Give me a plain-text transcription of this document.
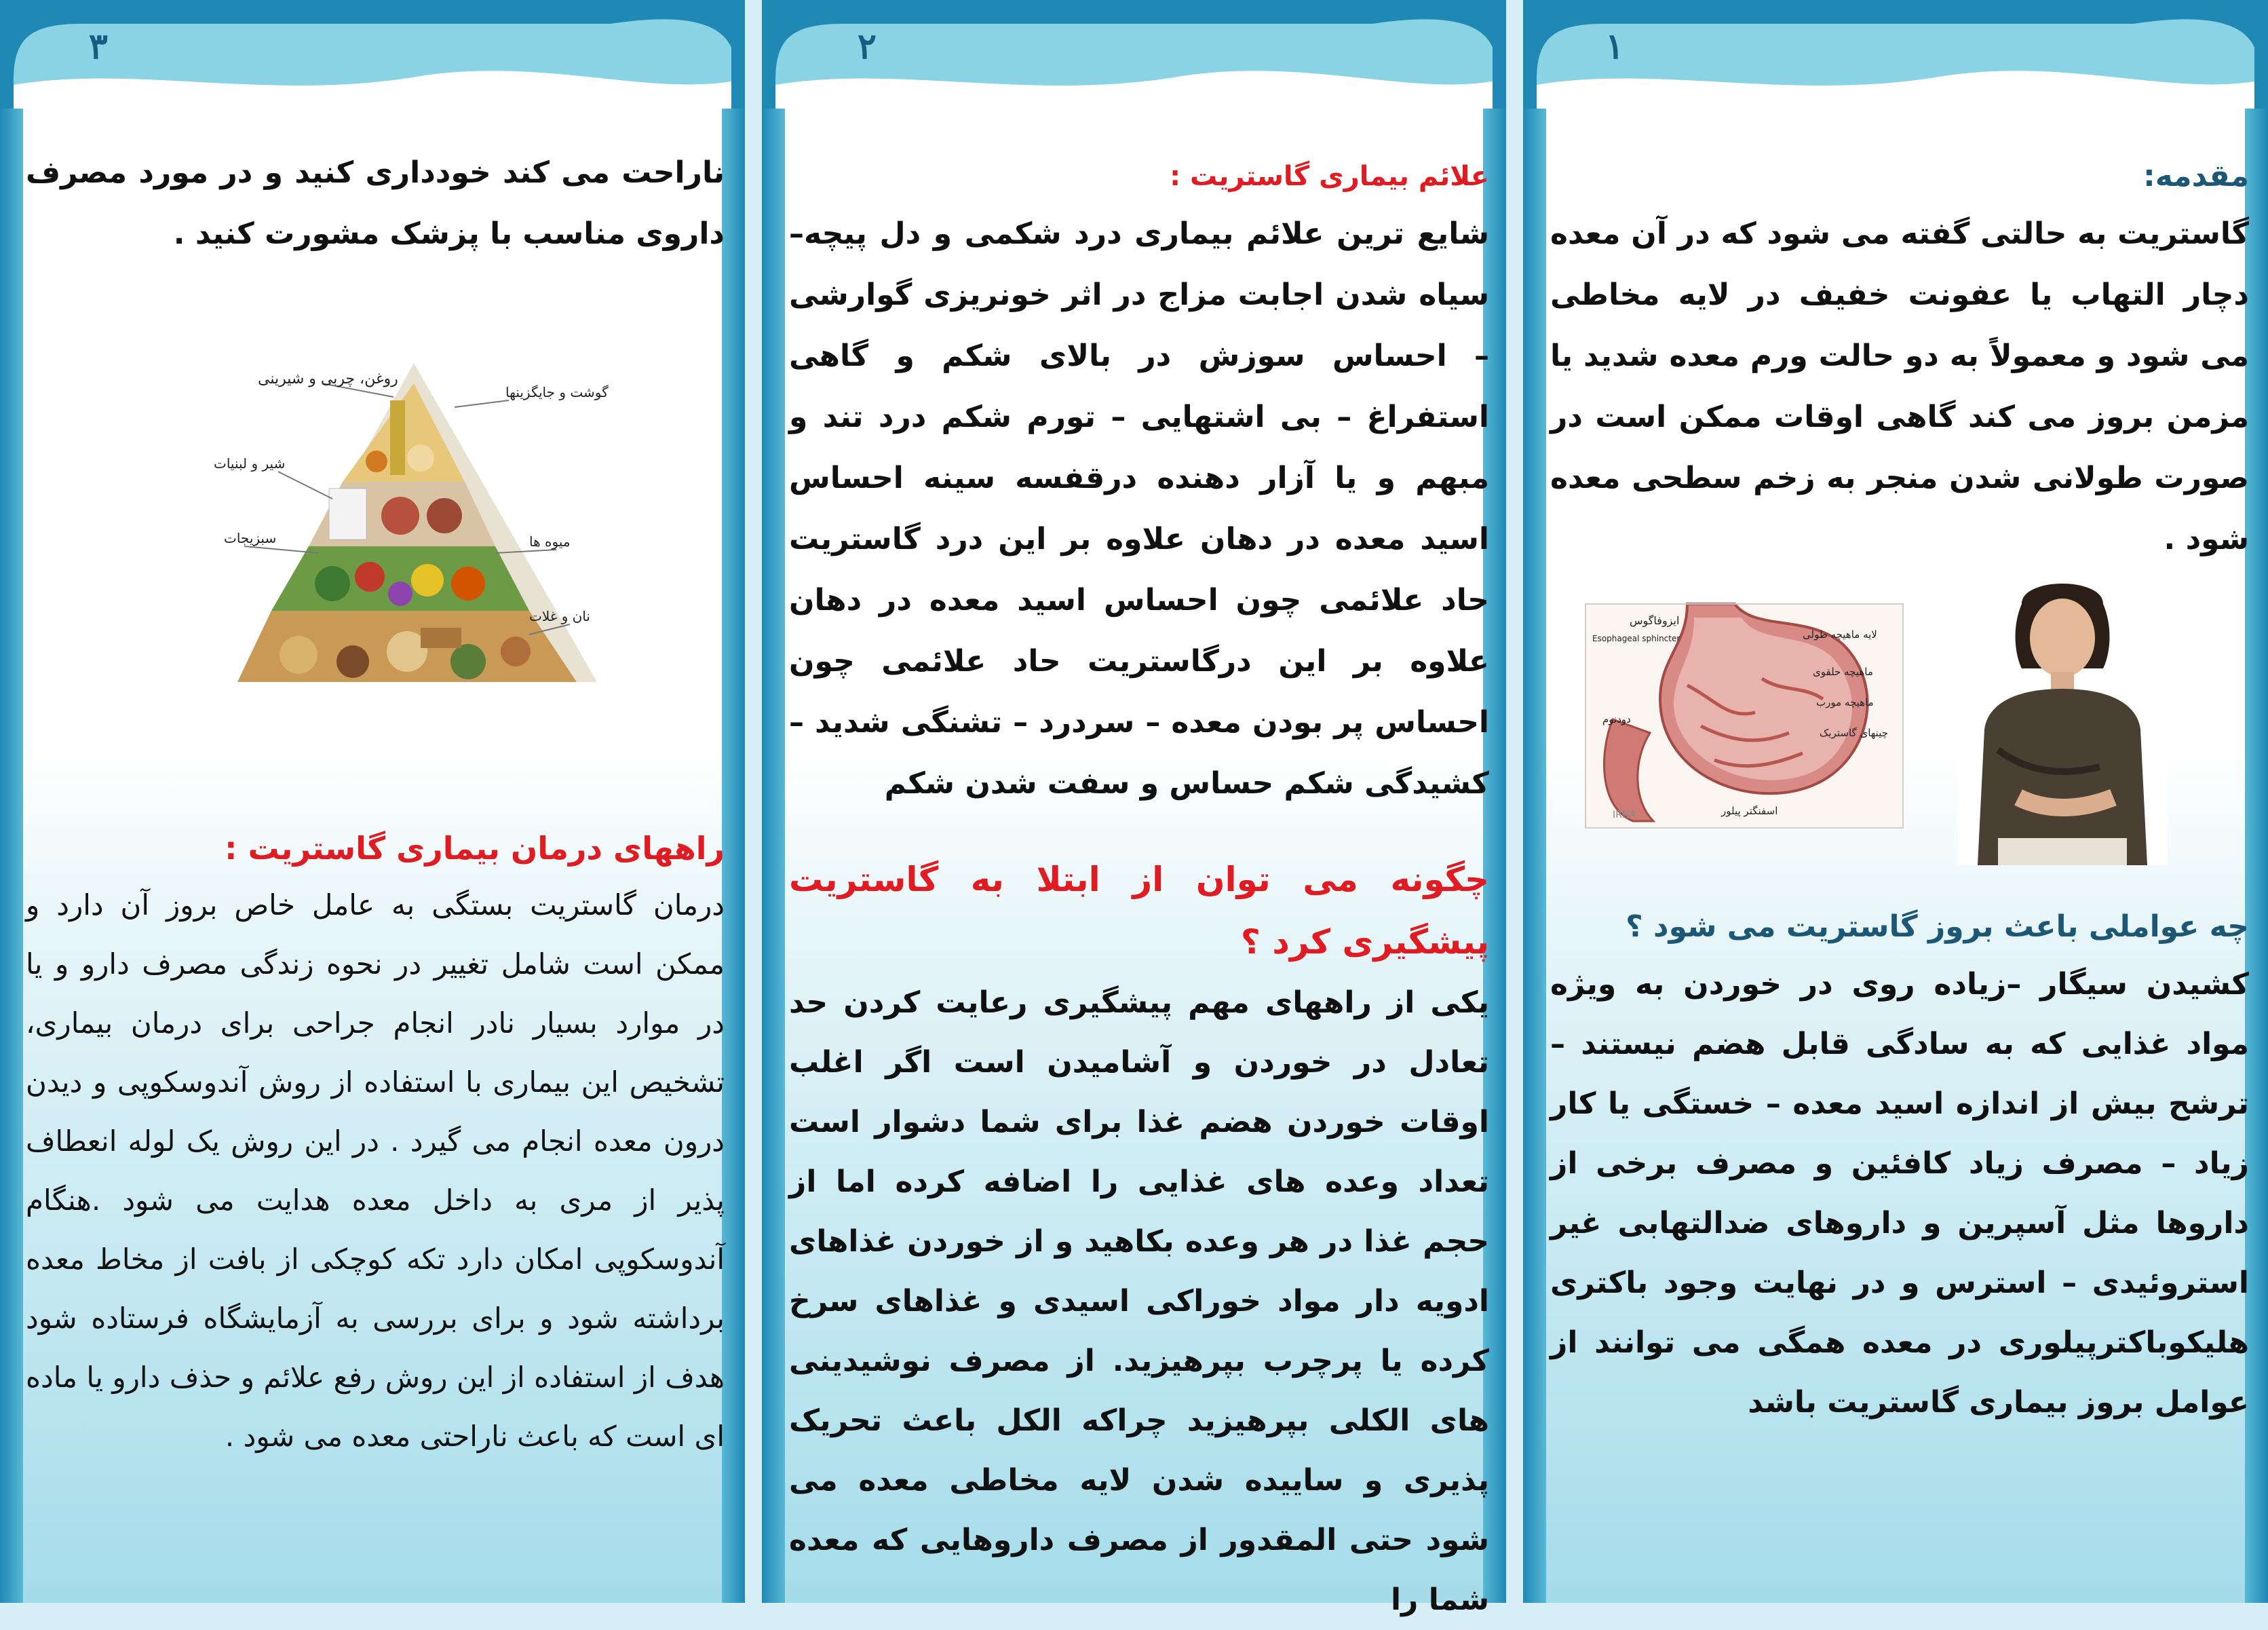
۳

ناراحت می کند خودداری کنید و در مورد مصرف داروی مناسب با پزشک مشورت کنید .

روغن، چربی و شیرینی
گوشت و جایگزینها
شیر و لبنیات
سبزیجات	میوه ها
نان و غلات

راههای درمان بیماری گاستریت :

درمان گاستریت بستگی به عامل خاص بروز آن دارد و ممکن است شامل تغییر در نحوه زندگی مصرف دارو و یا در موارد بسیار نادر انجام جراحی برای درمان بیماری، تشخیص این بیماری با استفاده از روش آندوسکوپی و دیدن درون معده انجام می گیرد . در این روش یک لوله انعطاف پذیر از مری به داخل معده هدایت می شود .هنگام آندوسکوپی امکان دارد تکه کوچکی از بافت از مخاط معده برداشته شود و برای بررسی به آزمایشگاه فرستاده شود هدف از استفاده از این روش رفع علائم و حذف دارو یا ماده ای است که باعث ناراحتی معده می شود .

۲

علائم بیماری گاستریت :

شایع ترین علائم بیماری درد شکمی و دل پیچه– سیاه شدن اجابت مزاج در اثر خونریزی گوارشی – احساس سوزش در بالای شکم و گاهی استفراغ – بی اشتهایی – تورم شکم درد تند و مبهم و یا آزار دهنده درقفسه سینه احساس اسید معده در دهان علاوه بر این درد گاستریت حاد علائمی چون احساس اسید معده در دهان علاوه بر این درگاستریت حاد علائمی چون احساس پر بودن معده – سردرد – تشنگی شدید – کشیدگی شکم حساس و سفت شدن شکم

چگونه می توان از ابتلا به گاستریت پیشگیری کرد ؟

یکی از راههای مهم پیشگیری رعایت کردن حد تعادل در خوردن و آشامیدن است اگر اغلب اوقات خوردن هضم غذا برای شما دشوار است تعداد وعده های غذایی را اضافه کرده اما از حجم غذا در هر وعده بکاهید و از خوردن غذاهای ادویه دار مواد خوراکی اسیدی و غذاهای سرخ کرده یا پرچرب بپرهیزید. از مصرف نوشیدینی های الکلی بپرهیزید چراکه الکل باعث تحریک پذیری و ساییده شدن لایه مخاطی معده می شود حتی المقدور از مصرف داروهایی که معده شما را

۱

مقدمه:

گاستریت به حالتی گفته می شود که در آن معده دچار التهاب یا عفونت خفیف در لایه مخاطی می شود و معمولاً به دو حالت ورم معده شدید یا مزمن بروز می کند گاهی اوقات ممکن است در صورت طولانی شدن منجر به زخم سطحی معده شود .

ایزوفاگوس
Esophageal sphincter	لایه ماهیچه طولی
ماهیچه حلقوی
ماهیچه مورب
چینهای گاستریک
دودنوم
اسفنگتر پیلور
IRNA

چه عواملی باعث بروز گاستریت می شود ؟

کشیدن سیگار –زیاده روی در خوردن به ویژه مواد غذایی که به سادگی قابل هضم نیستند – ترشح بیش از اندازه اسید معده – خستگی یا کار زیاد – مصرف زیاد کافئین و مصرف برخی از داروها مثل آسپرین و داروهای ضدالتهابی غیر استروئیدی – استرس و در نهایت وجود باکتری هلیکوباکترپیلوری در معده همگی می توانند از عوامل بروز بیماری گاستریت باشد
